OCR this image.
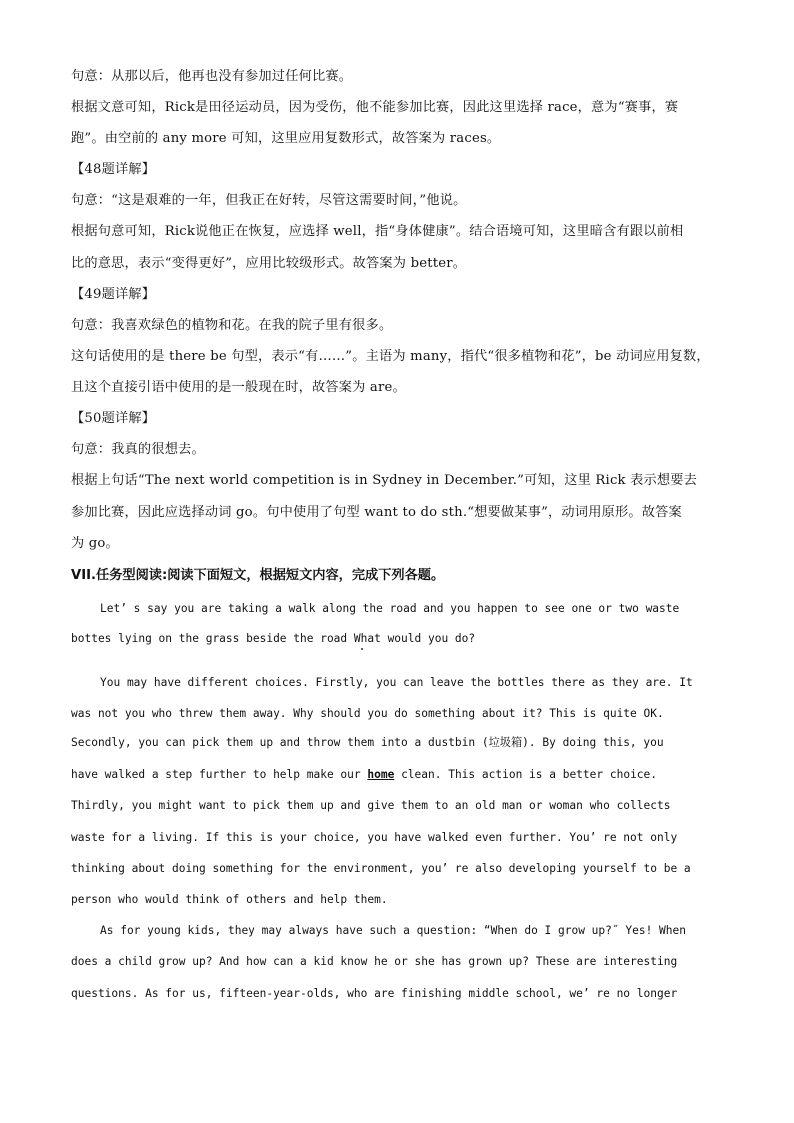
句意：从那以后，他再也没有参加过任何比赛。
根据文意可知，Rick是田径运动员，因为受伤，他不能参加比赛，因此这里选择 race，意为“赛事，赛
跑”。由空前的 any more 可知，这里应用复数形式，故答案为 races。
【48题详解】
句意：“这是艰难的一年，但我正在好转，尽管这需要时间，”他说。
根据句意可知，Rick说他正在恢复，应选择 well，指“身体健康”。结合语境可知，这里暗含有跟以前相
比的意思，表示“变得更好”，应用比较级形式。故答案为 better。
【49题详解】
句意：我喜欢绿色的植物和花。在我的院子里有很多。
这句话使用的是 there be 句型，表示“有……”。主语为 many，指代“很多植物和花”，be 动词应用复数，
且这个直接引语中使用的是一般现在时，故答案为 are。
【50题详解】
句意：我真的很想去。
根据上句话“The next world competition is in Sydney in December.”可知，这里 Rick 表示想要去
参加比赛，因此应选择动词 go。句中使用了句型 want to do sth.“想要做某事”，动词用原形。故答案
为 go。
VII.任务型阅读:阅读下面短文，根据短文内容，完成下列各题。
Let’ s say you are taking a walk along the road and you happen to see one or two waste
bottes lying on the grass beside the road What would you do?
You may have different choices. Firstly, you can leave the bottles there as they are. It
was not you who threw them away. Why should you do something about it? This is quite OK.
Secondly, you can pick them up and throw them into a dustbin (垃圾箱). By doing this, you
have walked a step further to help make our home clean. This action is a better choice.
Thirdly, you might want to pick them up and give them to an old man or woman who collects
waste for a living. If this is your choice, you have walked even further. You’ re not only
thinking about doing something for the environment, you’ re also developing yourself to be a
person who would think of others and help them.
As for young kids, they may always have such a question: “When do I grow up?˝ Yes! When
does a child grow up? And how can a kid know he or she has grown up? These are interesting
questions. As for us, fifteen-year-olds, who are finishing middle school, we’ re no longer
